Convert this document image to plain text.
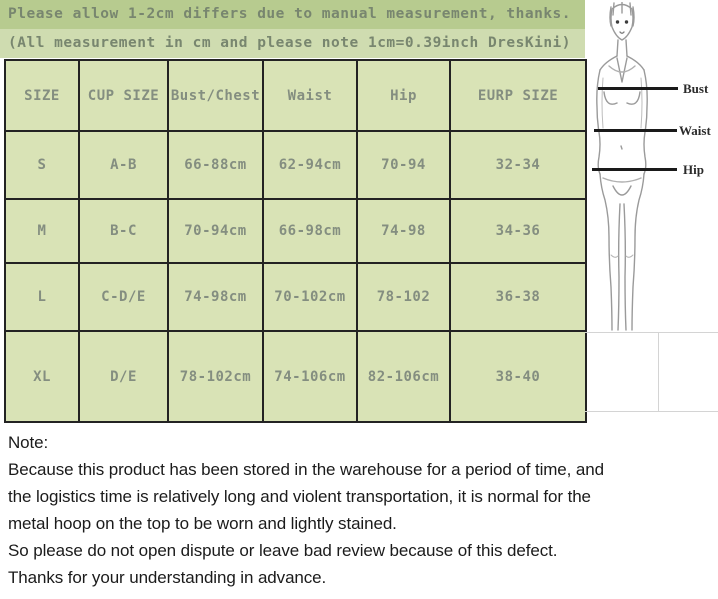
Please allow 1-2cm differs due to manual measurement, thanks.
(All measurement in cm and please note 1cm=0.39inch DresKini)
SIZE	CUP SIZE	Bust/Chest	Waist	Hip	EURP SIZE
S	A-B	66-88cm	62-94cm	70-94	32-34
M	B-C	70-94cm	66-98cm	74-98	34-36
L	C-D/E	74-98cm	70-102cm	78-102	36-38
XL	D/E	78-102cm	74-106cm	82-106cm	38-40
Bust
Waist
Hip
Note:
Because this product has been stored in the warehouse for a period of time, and
the logistics time is relatively long and violent transportation, it is normal for the
metal hoop on the top to be worn and lightly stained.
So please do not open dispute or leave bad review because of this defect.
Thanks for your understanding in advance.
